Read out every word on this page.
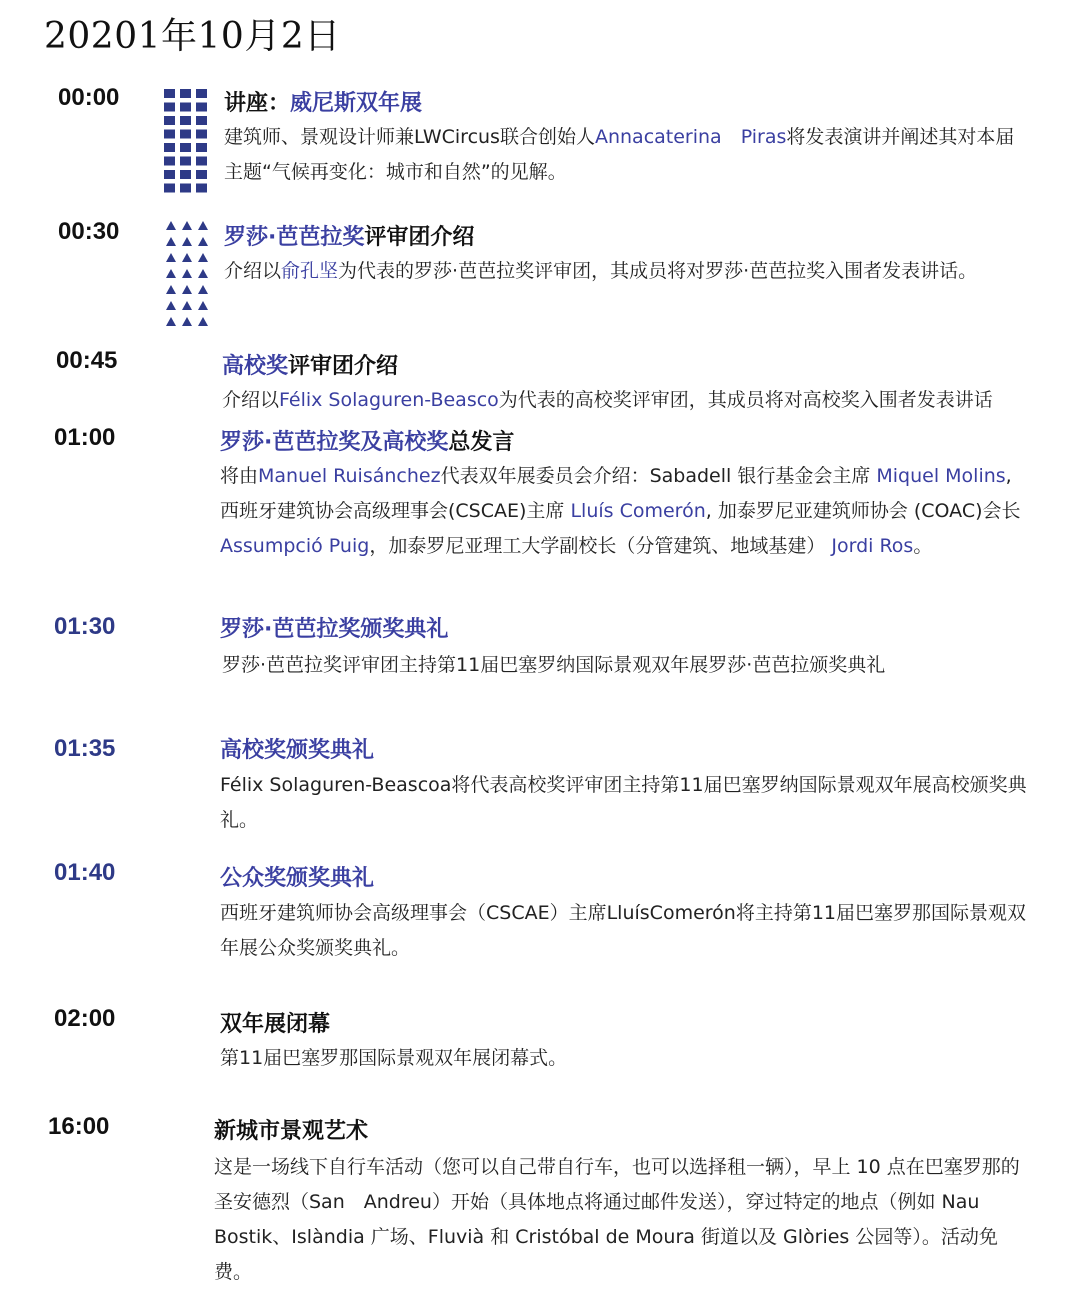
20201年10月2日
00:00	讲座：威尼斯双年展
建筑师、景观设计师兼LWCircus联合创始人Annacaterina　Piras将发表演讲并阐述其对本届
主题“气候再变化：城市和自然”的见解。
00:30	罗莎·芭芭拉奖评审团介绍
介绍以俞孔坚为代表的罗莎·芭芭拉奖评审团，其成员将对罗莎·芭芭拉奖入围者发表讲话。
00:45	高校奖评审团介绍
介绍以Félix Solaguren-Beasco为代表的高校奖评审团，其成员将对高校奖入围者发表讲话
01:00	罗莎·芭芭拉奖及高校奖总发言
将由Manuel Ruisánchez代表双年展委员会介绍：Sabadell 银行基金会主席 Miquel Molins, 西班牙建筑协会高级理事会(CSCAE)主席 Lluís Comerón, 加泰罗尼亚建筑师协会 (COAC)会长 Assumpció Puig，加泰罗尼亚理工大学副校长（分管建筑、地域基建） Jordi Ros。
01:30	罗莎·芭芭拉奖颁奖典礼
罗莎·芭芭拉奖评审团主持第11届巴塞罗纳国际景观双年展罗莎·芭芭拉颁奖典礼
01:35	高校奖颁奖典礼
Félix Solaguren-Beascoa将代表高校奖评审团主持第11届巴塞罗纳国际景观双年展高校颁奖典礼。
01:40	公众奖颁奖典礼
西班牙建筑师协会高级理事会（CSCAE）主席LluísComerón将主持第11届巴塞罗那国际景观双年展公众奖颁奖典礼。
02:00	双年展闭幕
第11届巴塞罗那国际景观双年展闭幕式。
16:00	新城市景观艺术
这是一场线下自行车活动（您可以自己带自行车，也可以选择租一辆），早上 10 点在巴塞罗那的圣安德烈（San　Andreu）开始（具体地点将通过邮件发送），穿过特定的地点（例如 Nau Bostik、Islàndia 广场、Fluvià 和 Cristóbal de Moura 街道以及 Glòries 公园等）。活动免费。
